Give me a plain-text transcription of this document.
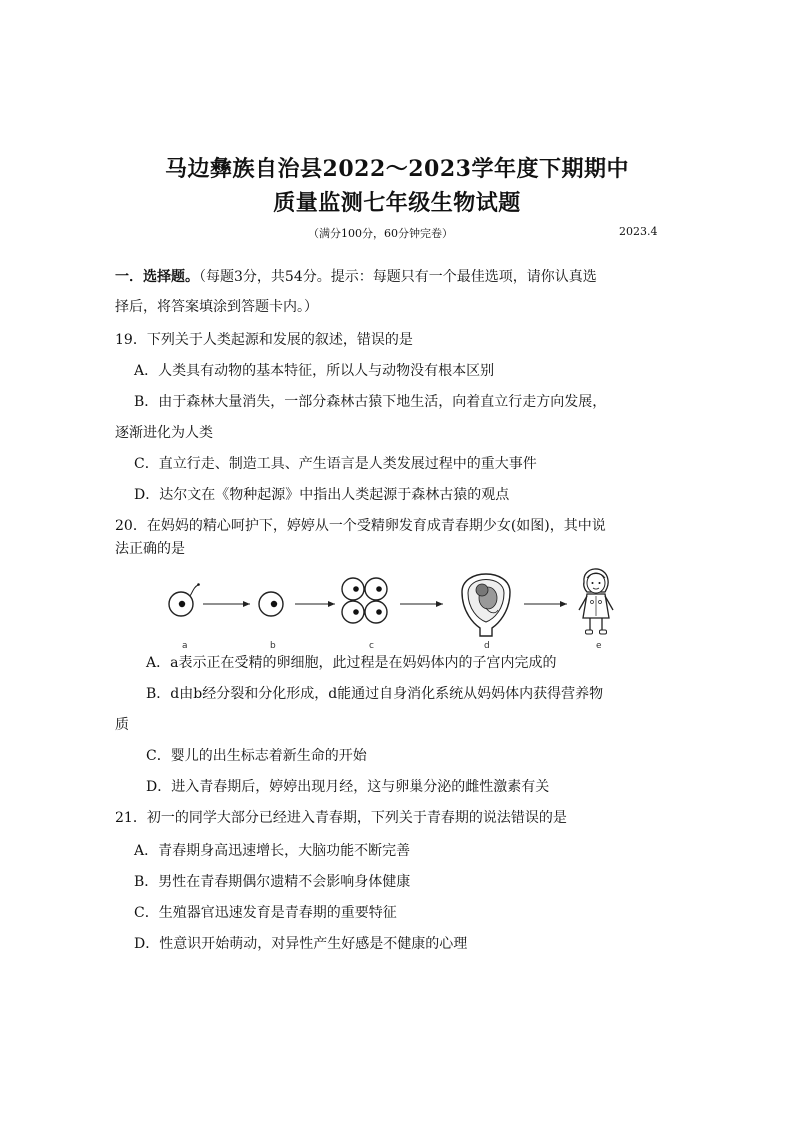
马边彝族自治县2022～2023学年度下期期中
质量监测七年级生物试题
（满分100分，60分钟完卷）	2023.4
一．选择题。（每题3分，共54分。提示：每题只有一个最佳选项，请你认真选
择后，将答案填涂到答题卡内。）
19．下列关于人类起源和发展的叙述，错误的是
A．人类具有动物的基本特征，所以人与动物没有根本区别
B．由于森林大量消失，一部分森林古猿下地生活，向着直立行走方向发展，
逐渐进化为人类
C．直立行走、制造工具、产生语言是人类发展过程中的重大事件
D．达尔文在《物种起源》中指出人类起源于森林古猿的观点
20．在妈妈的精心呵护下，婷婷从一个受精卵发育成青春期少女(如图)，其中说
法正确的是
a	b	c	d	e
A．a表示正在受精的卵细胞，此过程是在妈妈体内的子宫内完成的
B．d由b经分裂和分化形成，d能通过自身消化系统从妈妈体内获得营养物
质
C．婴儿的出生标志着新生命的开始
D．进入青春期后，婷婷出现月经，这与卵巢分泌的雌性激素有关
21．初一的同学大部分已经进入青春期，下列关于青春期的说法错误的是
A．青春期身高迅速增长，大脑功能不断完善
B．男性在青春期偶尔遗精不会影响身体健康
C．生殖器官迅速发育是青春期的重要特征
D．性意识开始萌动，对异性产生好感是不健康的心理
